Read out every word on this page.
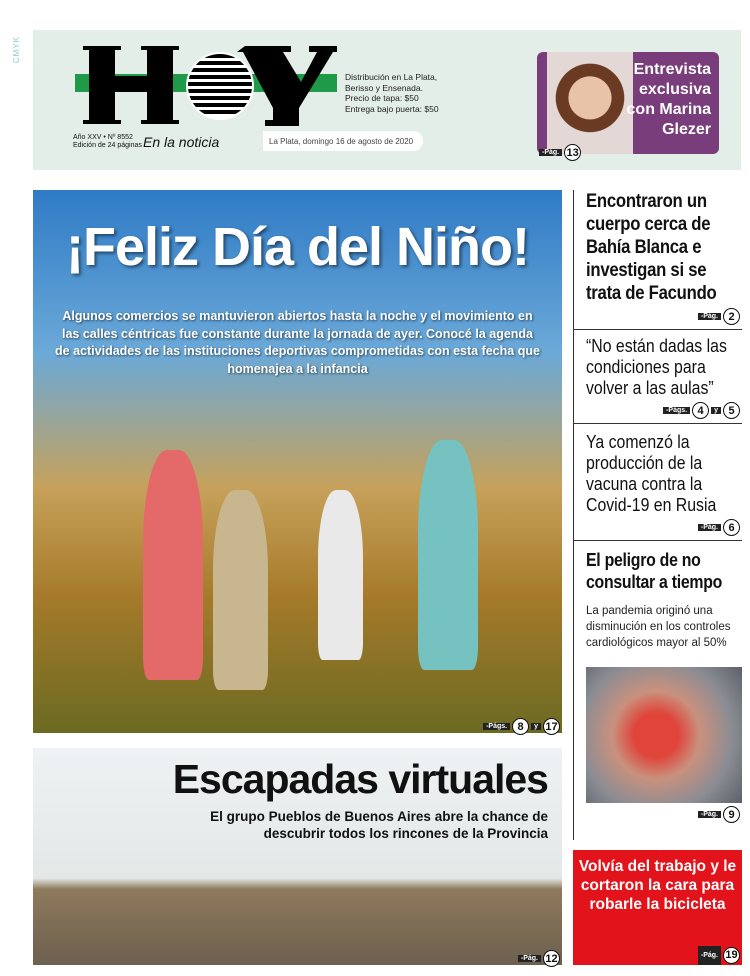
CMYK
Distribución en La Plata,
Berisso y Ensenada.
Precio de tapa: $50
Entrega bajo puerta: $50
Año XXV • Nº 8552
Edición de 24 páginas En la noticia	La Plata, domingo 16 de agosto de 2020
Entrevista exclusiva con Marina Glezer
-Pág. 13
¡Feliz Día del Niño!

Algunos comercios se mantuvieron abiertos hasta la noche y el movimiento en las calles céntricas fue constante durante la jornada de ayer. Conocé la agenda de actividades de las instituciones deportivas comprometidas con esta fecha que homenajea a la infancia

-Págs. 8	y 17
Encontraron un cuerpo cerca de Bahía Blanca e investigan si se trata de Facundo
-Pág. 2
“No están dadas las condiciones para volver a las aulas”
-Págs. 4	y 5
Ya comenzó la producción de la vacuna contra la Covid-19 en Rusia
-Pág. 6
El peligro de no consultar a tiempo
La pandemia originó una disminución en los controles cardiológicos mayor al 50%
-Pág. 9
Escapadas virtuales

El grupo Pueblos de Buenos Aires abre la chance de descubrir todos los rincones de la Provincia

-Pág. 12
Volvía del trabajo y le cortaron la cara para robarle la bicicleta
-Pág. 19
